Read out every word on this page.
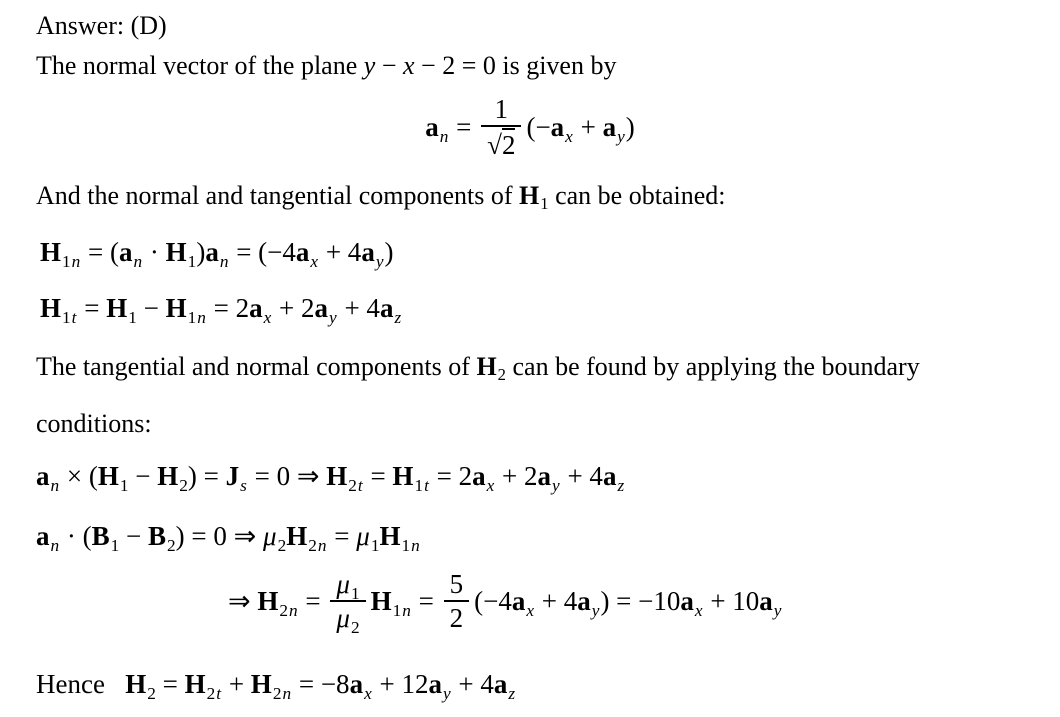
Answer: (D)

The normal vector of the plane y − x − 2 = 0 is given by

$a_n = \frac{1}{√2} (-a_x + a_y)$

And the normal and tangential components of $H_1$ can be obtained:

$H_{1n} = (a_n \cdot H_1)a_n = (-4a_x + 4a_y)$

$H_{1t} = H_1 - H_{1n} = 2a_x + 2a_y + 4a_z$

The tangential and normal components of $H_2$ can be found by applying the boundary

conditions:

$a_n \times (H_1 - H_2) = J_s = 0$ ⇒ $H_{2t} = H_{1t} = 2a_x + 2a_y + 4a_z$

$a_n \cdot (B_1 - B_2) = 0$ ⇒ $\mu_2H_{2n} = \mu_1H_{1n}$

⇒ $H_{2n} = \frac{\mu_1}{\mu_2} H_{1n} = \frac{5}{2} (-4a_x + 4a_y) = -10a_x + 10a_y$

Hence   $H_2 = H_{2t} + H_{2n} = -8a_x + 12a_y + 4a_z$
